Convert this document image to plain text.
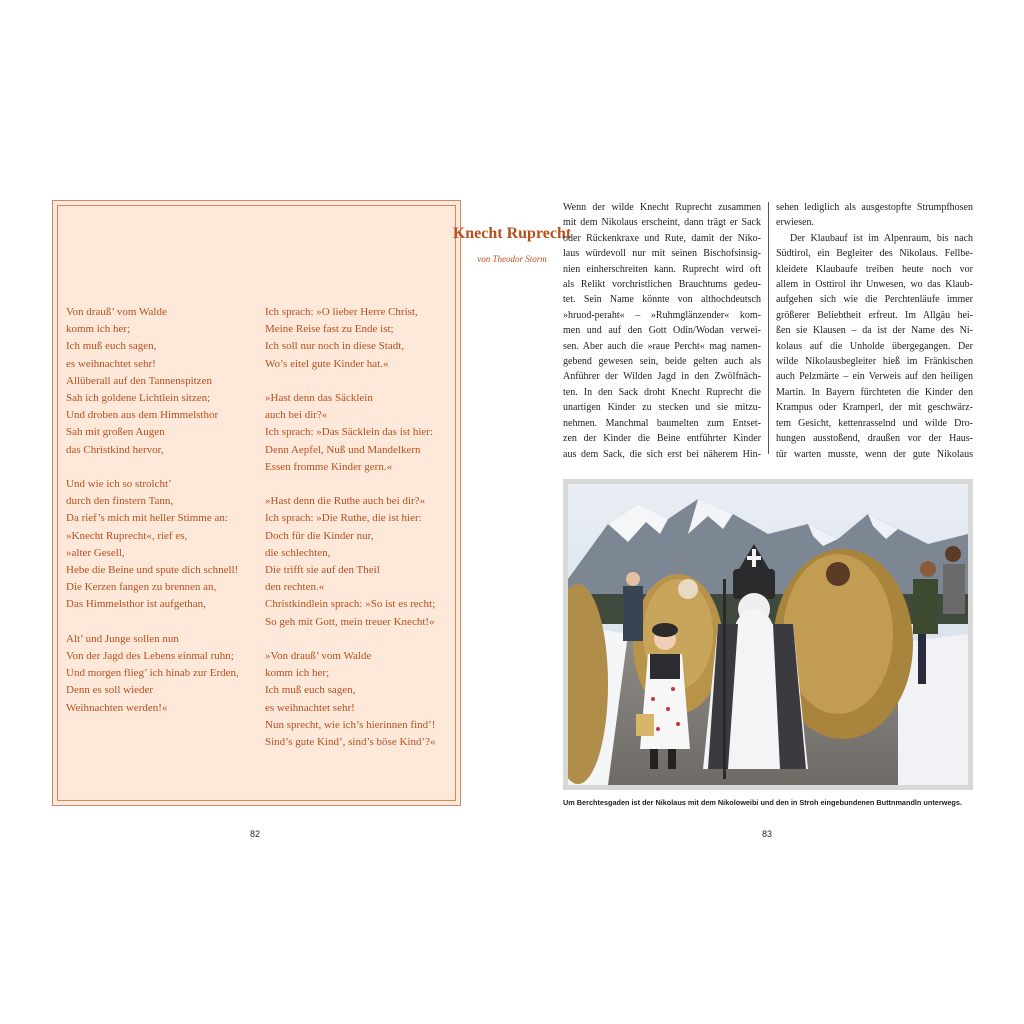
Knecht Ruprecht
von Theodor Storm
Von drauß’ vom Walde
komm ich her;
Ich muß euch sagen,
es weihnachtet sehr!
Allüberall auf den Tannenspitzen
Sah ich goldene Lichtlein sitzen;
Und droben aus dem Himmelsthor
Sah mit großen Augen
das Christkind hervor,
Und wie ich so strolcht’
durch den finstern Tann,
Da rief’s mich mit heller Stimme an:
»Knecht Ruprecht«, rief es,
»alter Gesell,
Hebe die Beine und spute dich schnell!
Die Kerzen fangen zu brennen an,
Das Himmelsthor ist aufgethan,
Alt’ und Junge sollen nun
Von der Jagd des Lebens einmal ruhn;
Und morgen flieg’ ich hinab zur Erden,
Denn es soll wieder
Weihnachten werden!«
Ich sprach: »O lieber Herre Christ,
Meine Reise fast zu Ende ist;
Ich soll nur noch in diese Stadt,
Wo’s eitel gute Kinder hat.«
»Hast denn das Säcklein
auch bei dir?«
Ich sprach: »Das Säcklein das ist hier:
Denn Aepfel, Nuß und Mandelkern
Essen fromme Kinder gern.«
»Hast denn die Ruthe auch bei dir?«
Ich sprach: »Die Ruthe, die ist hier:
Doch für die Kinder nur,
die schlechten,
Die trifft sie auf den Theil
den rechten.«
Christkindlein sprach: »So ist es recht;
So geh mit Gott, mein treuer Knecht!«
»Von drauß’ vom Walde
komm ich her;
Ich muß euch sagen,
es weihnachtet sehr!
Nun sprecht, wie ich’s hierinnen find’!
Sind’s gute Kind’, sind’s böse Kind’?«
82
Wenn der wilde Knecht Ruprecht zusammen
mit dem Nikolaus erscheint, dann trägt er Sack
oder Rückenkraxe und Rute, damit der Niko-
laus würdevoll nur mit seinen Bischofsinsig-
nien einherschreiten kann. Ruprecht wird oft
als Relikt vorchristlichen Brauchtums gedeu-
tet. Sein Name könnte von althochdeutsch
»hruod-peraht« – »Ruhmglänzender« kom-
men und auf den Gott Odin/Wodan verwei-
sen. Aber auch die »raue Percht« mag namen-
gebend gewesen sein, beide gelten auch als
Anführer der Wilden Jagd in den Zwölfnäch-
ten. In den Sack droht Knecht Ruprecht die
unartigen Kinder zu stecken und sie mitzu-
nehmen. Manchmal baumelten zum Entset-
zen der Kinder die Beine entführter Kinder
aus dem Sack, die sich erst bei näherem Hin-
sehen lediglich als ausgestopfte Strumpfhosen
erwiesen.
Der Klaubauf ist im Alpenraum, bis nach
Südtirol, ein Begleiter des Nikolaus. Fellbe-
kleidete Klaubaufe treiben heute noch vor
allem in Osttirol ihr Unwesen, wo das Klaub-
aufgehen sich wie die Perchtenläufe immer
größerer Beliebtheit erfreut. Im Allgäu hei-
ßen sie Klausen – da ist der Name des Ni-
kolaus auf die Unholde übergegangen. Der
wilde Nikolausbegleiter hieß im Fränkischen
auch Pelzmärte – ein Verweis auf den heiligen
Martin. In Bayern fürchteten die Kinder den
Krampus oder Kramperl, der mit geschwärz-
tem Gesicht, kettenrasselnd und wilde Dro-
hungen ausstoßend, draußen vor der Haus-
tür warten musste, wenn der gute Nikolaus
Um Berchtesgaden ist der Nikolaus mit dem Nikoloweibi und den in Stroh eingebundenen Buttnmandln unterwegs.
83
